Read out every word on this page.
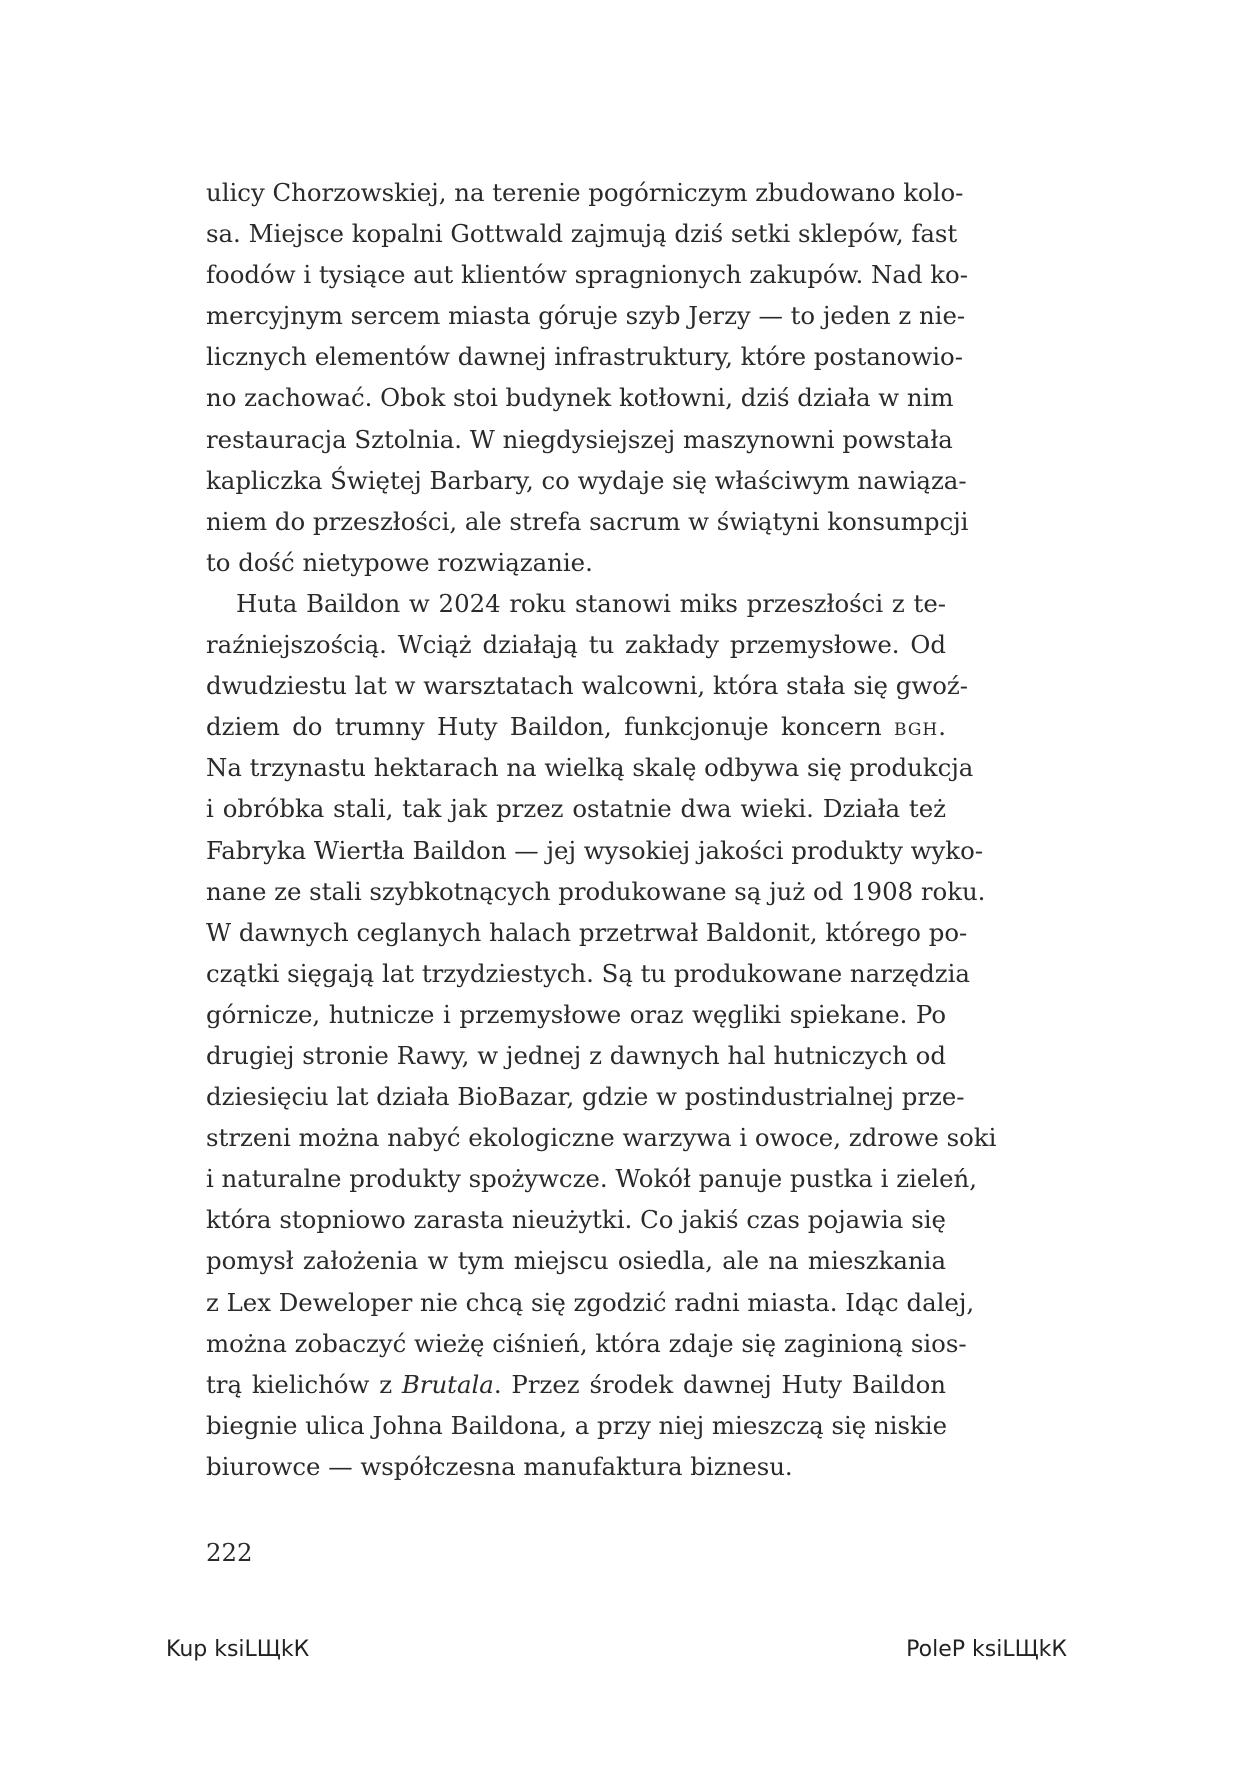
ulicy Chorzowskiej, na terenie pogórniczym zbudowano kolo-
sa. Miejsce kopalni Gottwald zajmują dziś setki sklepów, fast
foodów i tysiące aut klientów spragnionych zakupów. Nad ko-
mercyjnym sercem miasta góruje szyb Jerzy — to jeden z nie-
licznych elementów dawnej infrastruktury, które postanowio-
no zachować. Obok stoi budynek kotłowni, dziś działa w nim
restauracja Sztolnia. W niegdysiejszej maszynowni powstała
kapliczka Świętej Barbary, co wydaje się właściwym nawiąza-
niem do przeszłości, ale strefa sacrum w świątyni konsumpcji
to dość nietypowe rozwiązanie.
Huta Baildon w 2024 roku stanowi miks przeszłości z te-
raźniejszością. Wciąż działają tu zakłady przemysłowe. Od
dwudziestu lat w warsztatach walcowni, która stała się gwoź-
dziem do trumny Huty Baildon, funkcjonuje koncern bgh.
Na trzynastu hektarach na wielką skalę odbywa się produkcja
i obróbka stali, tak jak przez ostatnie dwa wieki. Działa też
Fabryka Wiertła Baildon — jej wysokiej jakości produkty wyko-
nane ze stali szybkotnących produkowane są już od 1908 roku.
W dawnych ceglanych halach przetrwał Baldonit, którego po-
czątki sięgają lat trzydziestych. Są tu produkowane narzędzia
górnicze, hutnicze i przemysłowe oraz węgliki spiekane. Po
drugiej stronie Rawy, w jednej z dawnych hal hutniczych od
dziesięciu lat działa BioBazar, gdzie w postindustrialnej prze-
strzeni można nabyć ekologiczne warzywa i owoce, zdrowe soki
i naturalne produkty spożywcze. Wokół panuje pustka i zieleń,
która stopniowo zarasta nieużytki. Co jakiś czas pojawia się
pomysł założenia w tym miejscu osiedla, ale na mieszkania
z Lex Deweloper nie chcą się zgodzić radni miasta. Idąc dalej,
można zobaczyć wieżę ciśnień, która zdaje się zaginioną sios-
trą kielichów z Brutala. Przez środek dawnej Huty Baildon
biegnie ulica Johna Baildona, a przy niej mieszczą się niskie
biurowce — współczesna manufaktura biznesu.
222
Kup ksiLЩkК	PoleР ksiLЩkК
